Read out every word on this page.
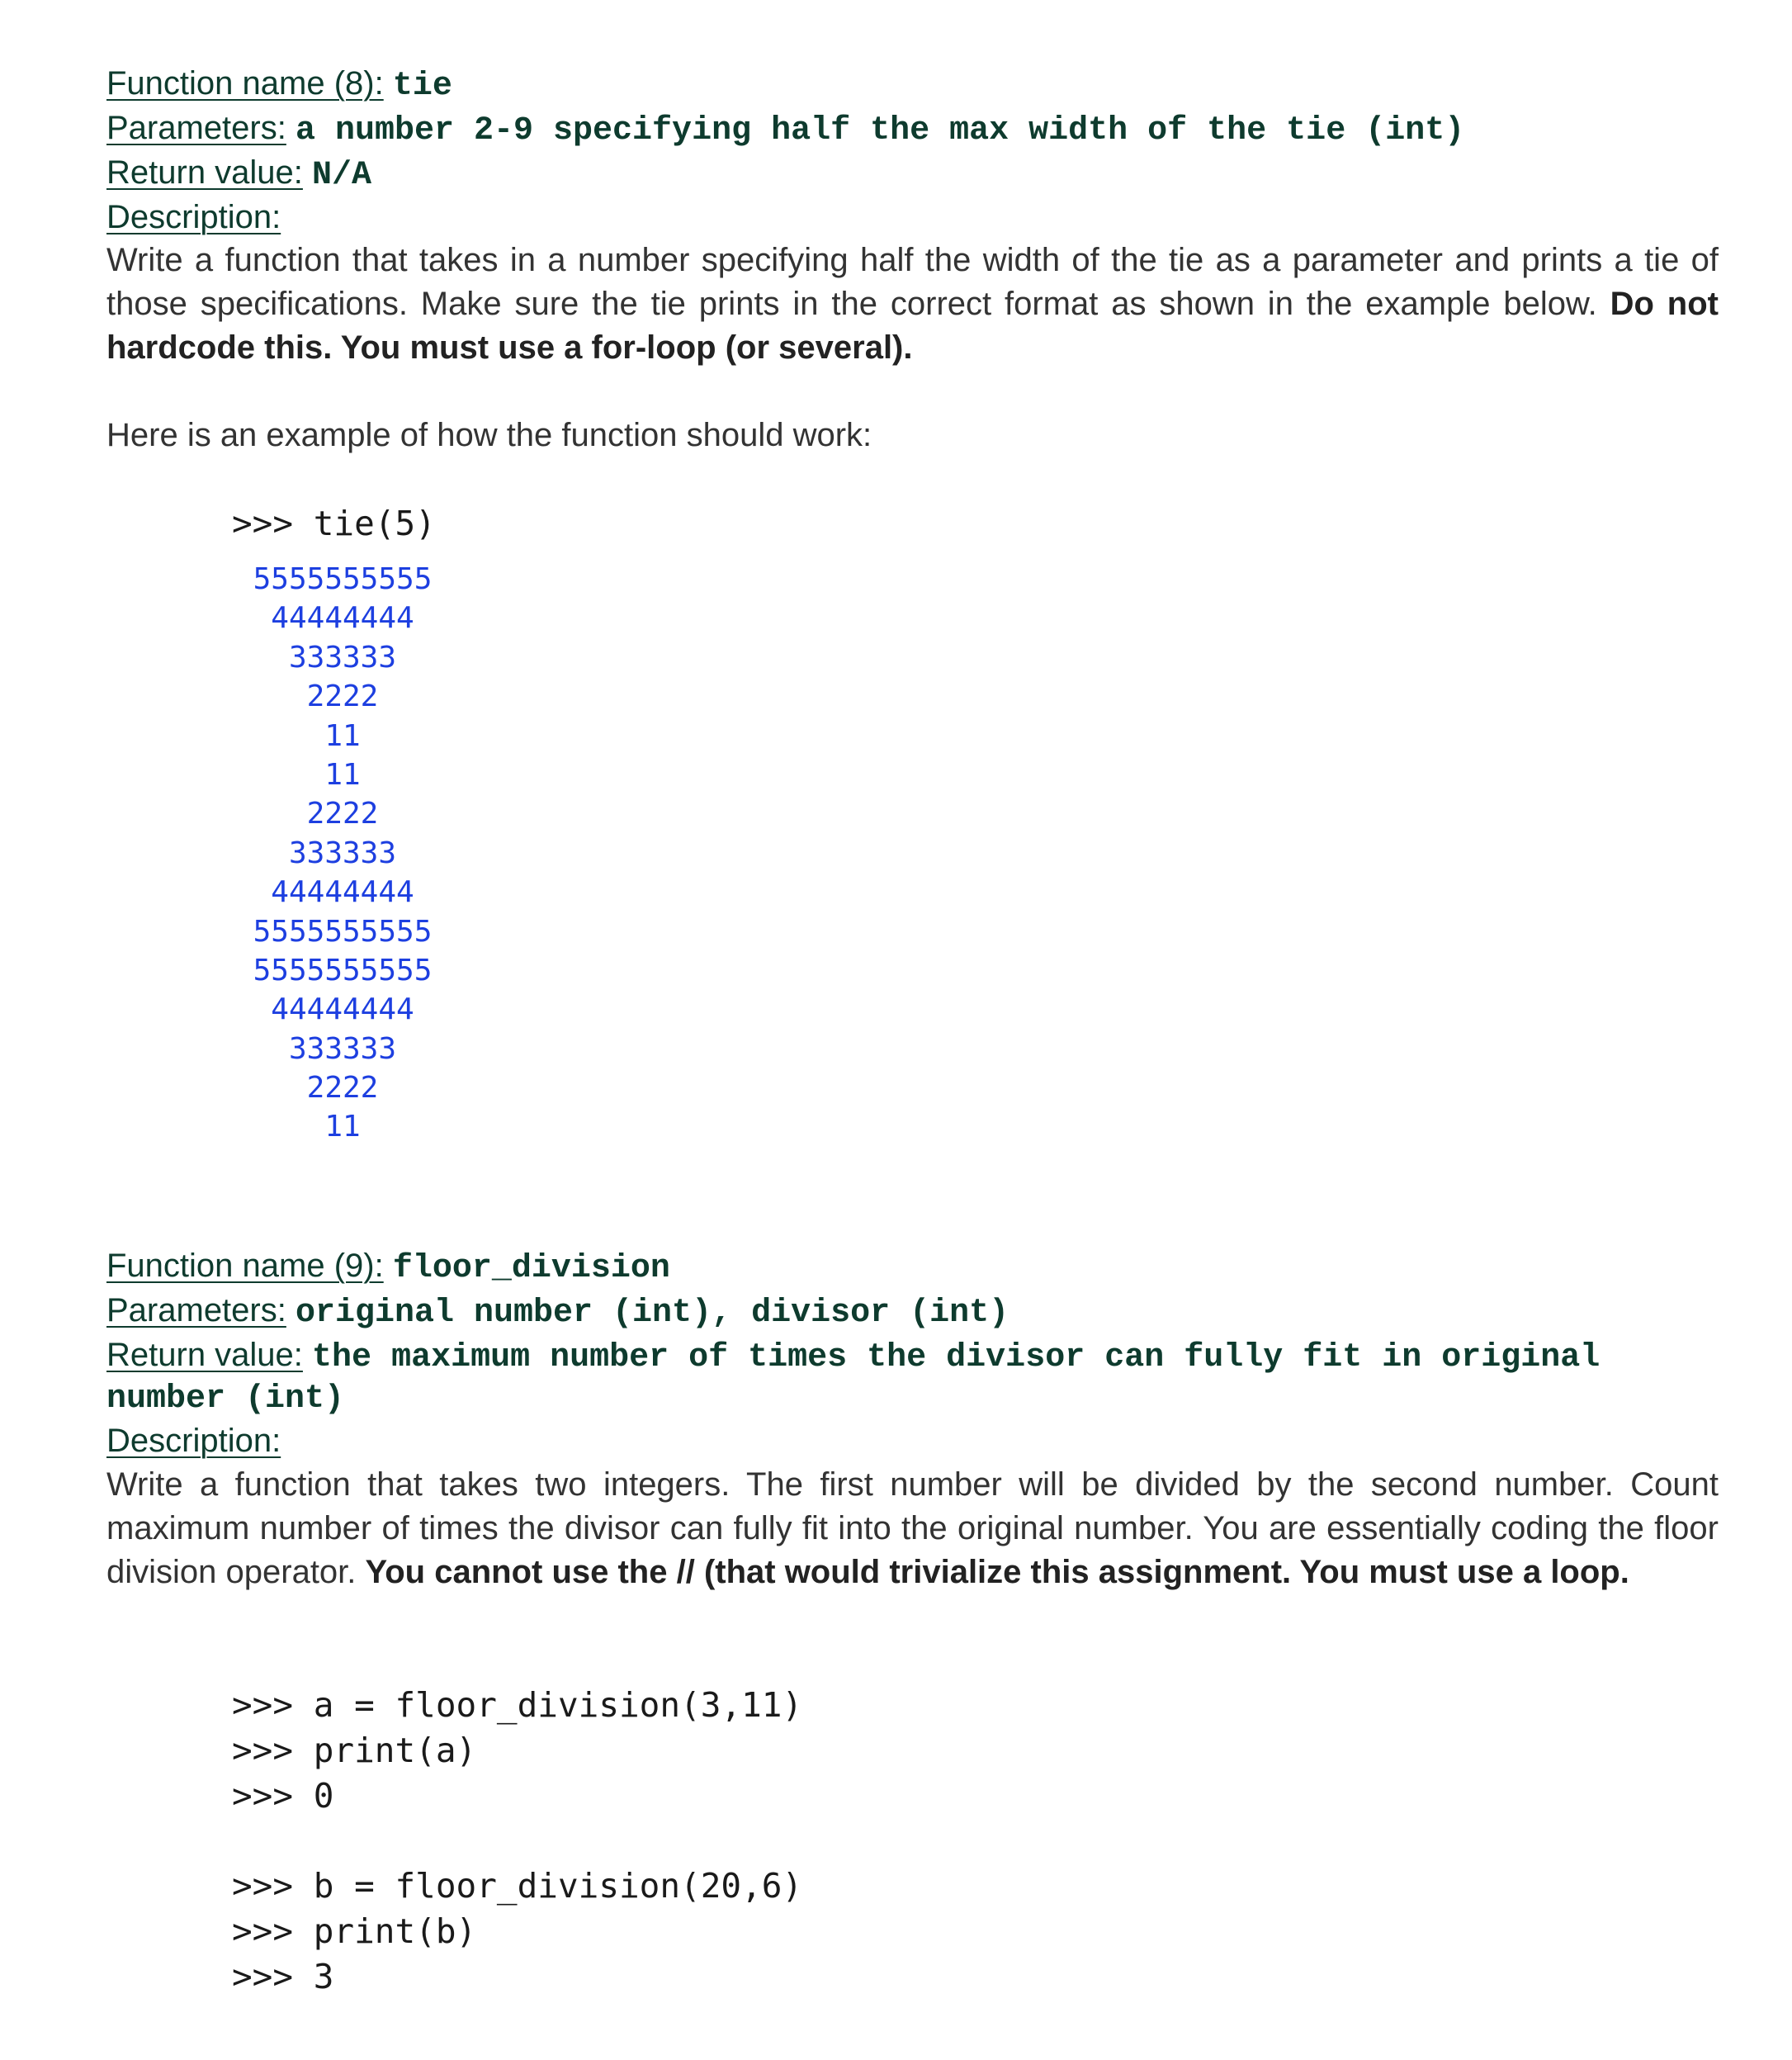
Function name (8): tie
Parameters: a number 2-9 specifying half the max width of the tie (int)
Return value: N/A
Description:
Write a function that takes in a number specifying half the width of the tie as a parameter and prints a tie of those specifications. Make sure the tie prints in the correct format as shown in the example below. Do not hardcode this. You must use a for-loop (or several).
Here is an example of how the function should work:
>>> tie(5)
5555555555
44444444
333333
2222
11
11
2222
333333
44444444
5555555555
5555555555
44444444
333333
2222
11
Function name (9): floor_division
Parameters: original number (int), divisor (int)
Return value: the maximum number of times the divisor can fully fit in original
number (int)
Description:
Write a function that takes two integers. The first number will be divided by the second number. Count maximum number of times the divisor can fully fit into the original number. You are essentially coding the floor division operator. You cannot use the // (that would trivialize this assignment. You must use a loop.
>>> a = floor_division(3,11)
>>> print(a)
>>> 0
>>> b = floor_division(20,6)
>>> print(b)
>>> 3
